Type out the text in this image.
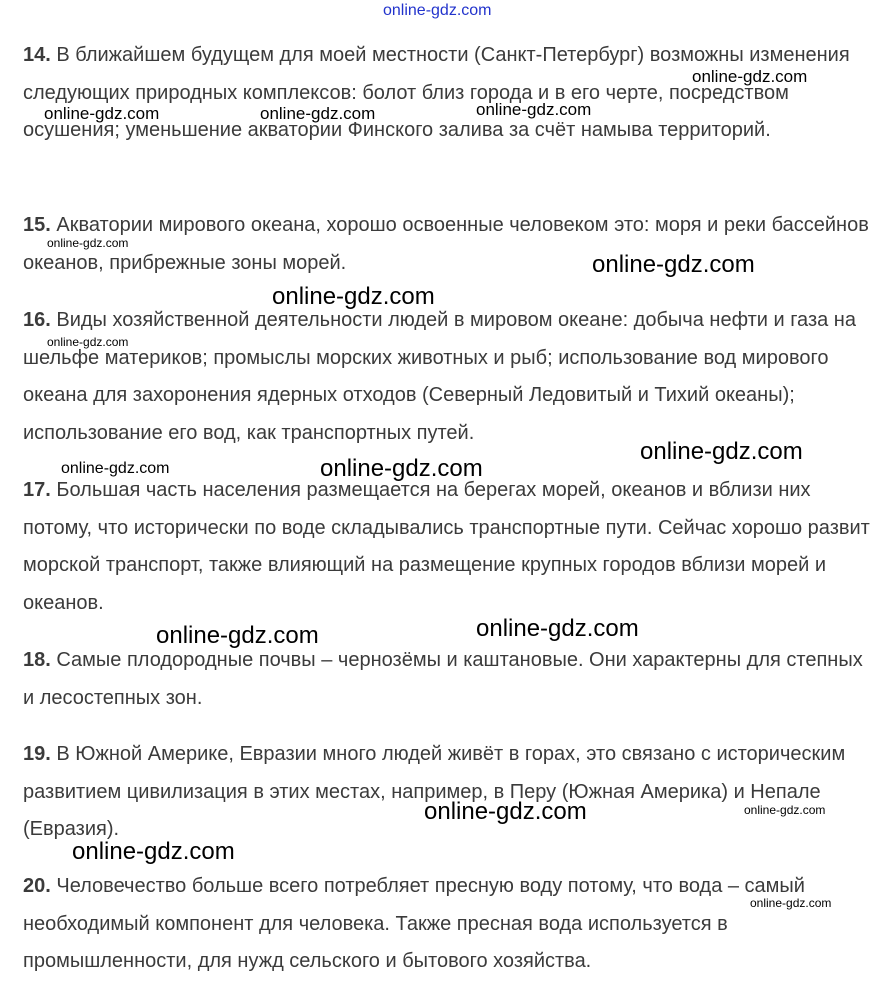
online-gdz.com

14. В ближайшем будущем для моей местности (Санкт-Петербург) возможны изменения следующих природных комплексов: болот близ города и в его черте, посредством осушения; уменьшение акватории Финского залива за счёт намыва территорий.

15. Акватории мирового океана, хорошо освоенные человеком это: моря и реки бассейнов океанов, прибрежные зоны морей.

16. Виды хозяйственной деятельности людей в мировом океане: добыча нефти и газа на шельфе материков; промыслы морских животных и рыб; использование вод мирового океана для захоронения ядерных отходов (Северный Ледовитый и Тихий океаны); использование его вод, как транспортных путей.

17. Большая часть населения размещается на берегах морей, океанов и вблизи них потому, что исторически по воде складывались транспортные пути. Сейчас хорошо развит морской транспорт, также влияющий на размещение крупных городов вблизи морей и океанов.

18. Самые плодородные почвы – чернозёмы и каштановые. Они характерны для степных и лесостепных зон.

19. В Южной Америке, Евразии много людей живёт в горах, это связано с историческим развитием цивилизация в этих местах, например, в Перу (Южная Америка) и Непале (Евразия).

20. Человечество больше всего потребляет пресную воду потому, что вода – самый необходимый компонент для человека. Также пресная вода используется в промышленности, для нужд сельского и бытового хозяйства.

online-gdz.com
online-gdz.com	online-gdz.com	online-gdz.com
online-gdz.com
online-gdz.com
online-gdz.com
online-gdz.com
online-gdz.com
online-gdz.com	online-gdz.com
online-gdz.com
online-gdz.com
online-gdz.com	online-gdz.com
online-gdz.com
online-gdz.com
